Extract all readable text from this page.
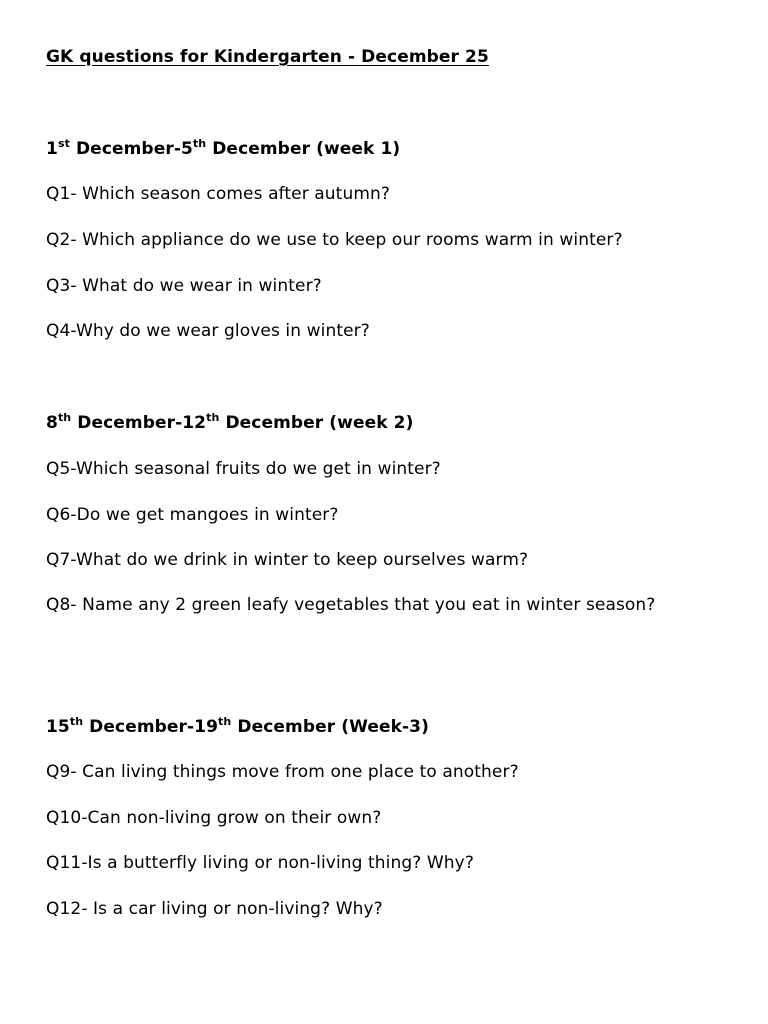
GK questions for Kindergarten - December 25
1st December-5th December (week 1)
Q1- Which season comes after autumn?
Q2- Which appliance do we use to keep our rooms warm in winter?
Q3- What do we wear in winter?
Q4-Why do we wear gloves in winter?
8th December-12th December (week 2)
Q5-Which seasonal fruits do we get in winter?
Q6-Do we get mangoes in winter?
Q7-What do we drink in winter to keep ourselves warm?
Q8- Name any 2 green leafy vegetables that you eat in winter season?
15th December-19th December (Week-3)
Q9- Can living things move from one place to another?
Q10-Can non-living grow on their own?
Q11-Is a butterfly living or non-living thing? Why?
Q12- Is a car living or non-living? Why?
